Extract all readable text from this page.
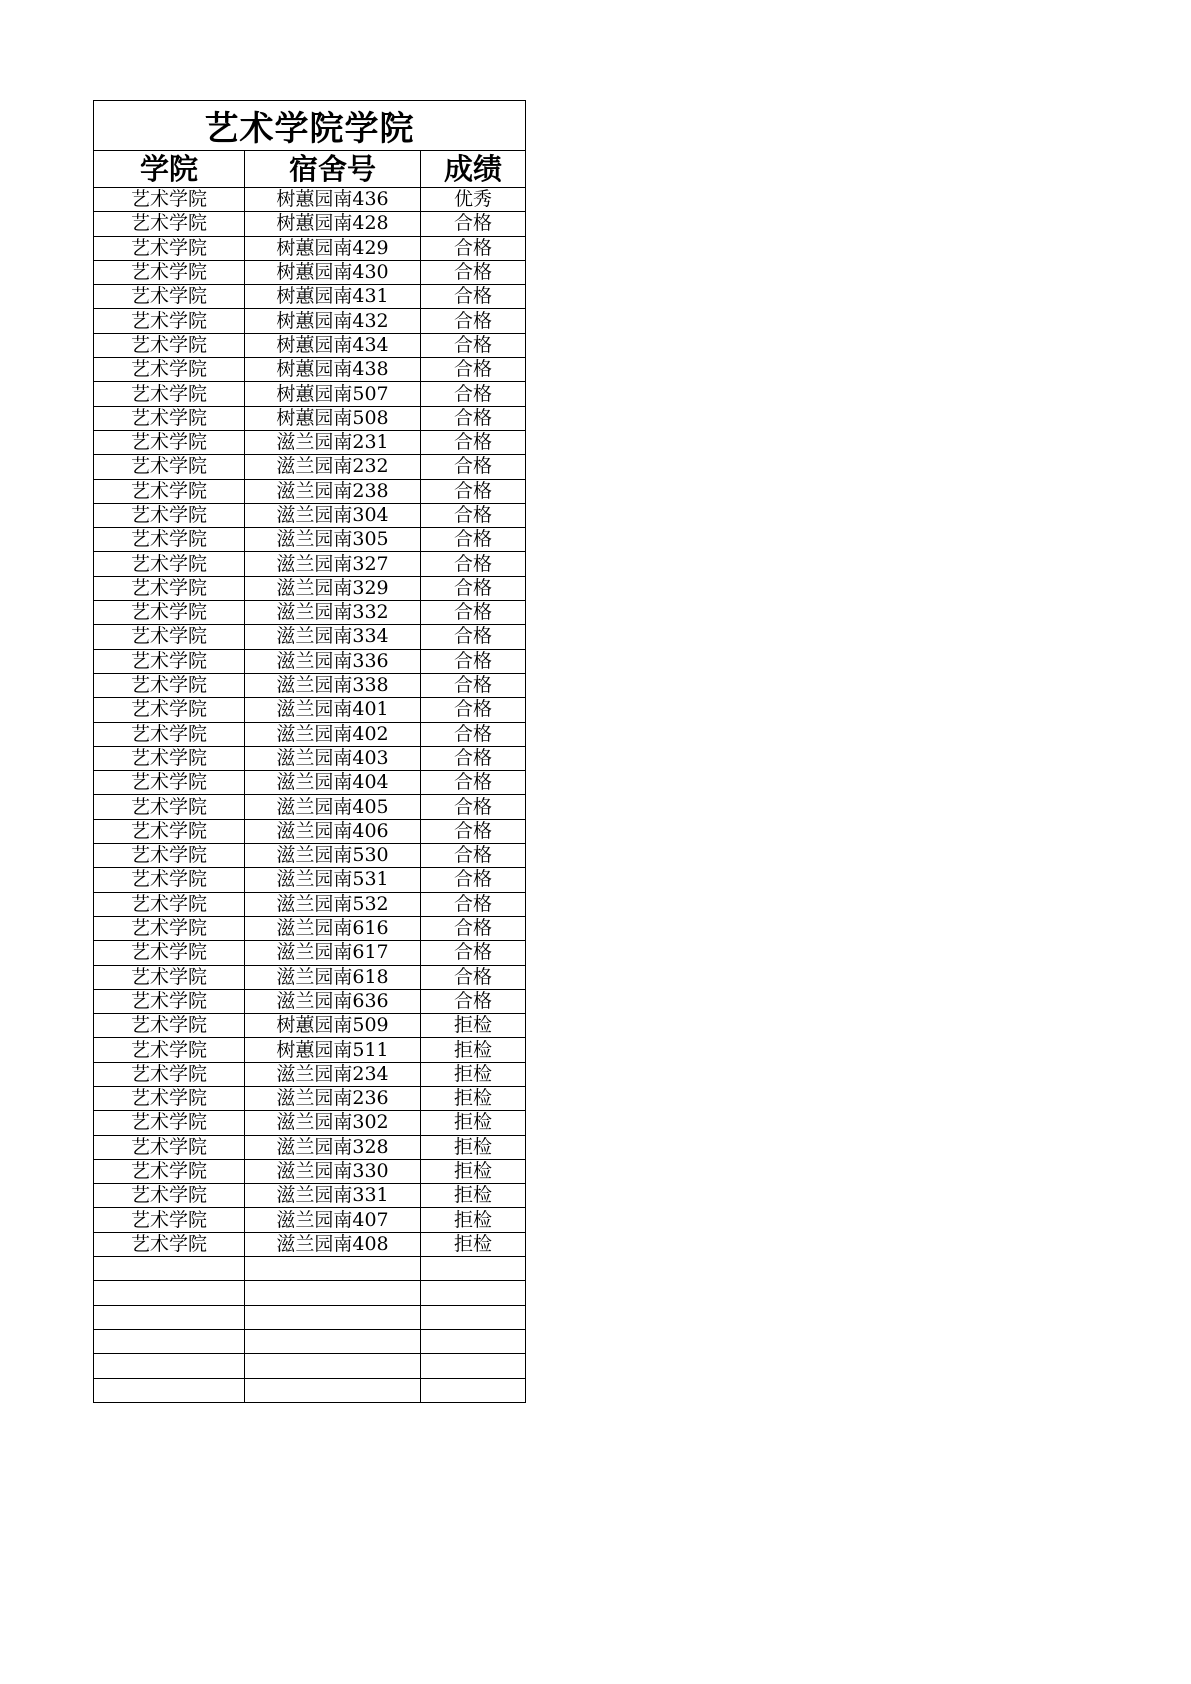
艺术学院学院		
学院	宿舍号	成绩
艺术学院	树蕙园南436	优秀
艺术学院	树蕙园南428	合格
艺术学院	树蕙园南429	合格
艺术学院	树蕙园南430	合格
艺术学院	树蕙园南431	合格
艺术学院	树蕙园南432	合格
艺术学院	树蕙园南434	合格
艺术学院	树蕙园南438	合格
艺术学院	树蕙园南507	合格
艺术学院	树蕙园南508	合格
艺术学院	滋兰园南231	合格
艺术学院	滋兰园南232	合格
艺术学院	滋兰园南238	合格
艺术学院	滋兰园南304	合格
艺术学院	滋兰园南305	合格
艺术学院	滋兰园南327	合格
艺术学院	滋兰园南329	合格
艺术学院	滋兰园南332	合格
艺术学院	滋兰园南334	合格
艺术学院	滋兰园南336	合格
艺术学院	滋兰园南338	合格
艺术学院	滋兰园南401	合格
艺术学院	滋兰园南402	合格
艺术学院	滋兰园南403	合格
艺术学院	滋兰园南404	合格
艺术学院	滋兰园南405	合格
艺术学院	滋兰园南406	合格
艺术学院	滋兰园南530	合格
艺术学院	滋兰园南531	合格
艺术学院	滋兰园南532	合格
艺术学院	滋兰园南616	合格
艺术学院	滋兰园南617	合格
艺术学院	滋兰园南618	合格
艺术学院	滋兰园南636	合格
艺术学院	树蕙园南509	拒检
艺术学院	树蕙园南511	拒检
艺术学院	滋兰园南234	拒检
艺术学院	滋兰园南236	拒检
艺术学院	滋兰园南302	拒检
艺术学院	滋兰园南328	拒检
艺术学院	滋兰园南330	拒检
艺术学院	滋兰园南331	拒检
艺术学院	滋兰园南407	拒检
艺术学院	滋兰园南408	拒检
